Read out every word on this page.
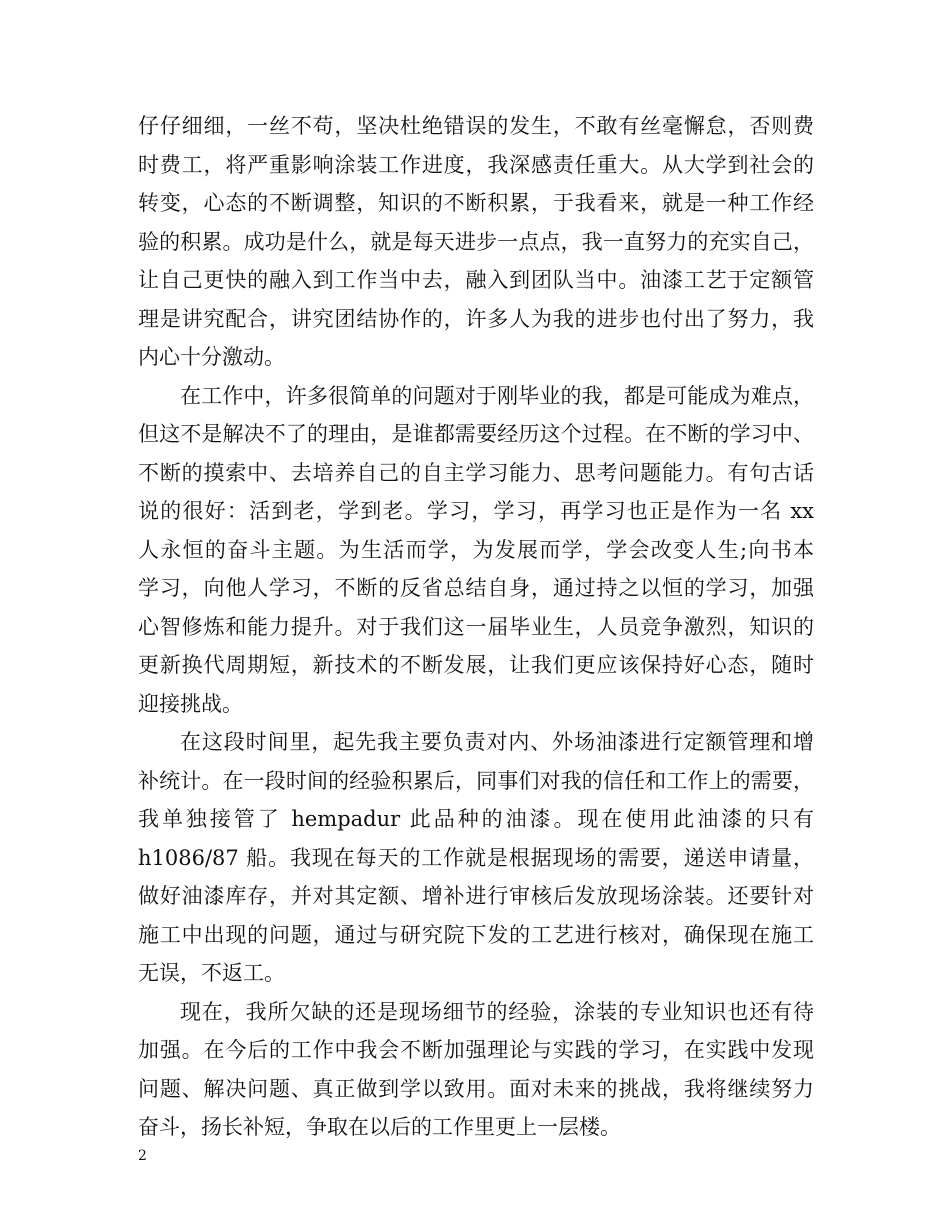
仔仔细细，一丝不苟，坚决杜绝错误的发生，不敢有丝毫懈怠，否则费
时费工，将严重影响涂装工作进度，我深感责任重大。从大学到社会的
转变，心态的不断调整，知识的不断积累，于我看来，就是一种工作经
验的积累。成功是什么，就是每天进步一点点，我一直努力的充实自己，
让自己更快的融入到工作当中去，融入到团队当中。油漆工艺于定额管
理是讲究配合，讲究团结协作的，许多人为我的进步也付出了努力，我
内心十分激动。
在工作中，许多很简单的问题对于刚毕业的我，都是可能成为难点，
但这不是解决不了的理由，是谁都需要经历这个过程。在不断的学习中、
不断的摸索中、去培养自己的自主学习能力、思考问题能力。有句古话
说的很好：活到老，学到老。学习，学习，再学习也正是作为一名 xx
人永恒的奋斗主题。为生活而学，为发展而学，学会改变人生;向书本
学习，向他人学习，不断的反省总结自身，通过持之以恒的学习，加强
心智修炼和能力提升。对于我们这一届毕业生，人员竞争激烈，知识的
更新换代周期短，新技术的不断发展，让我们更应该保持好心态，随时
迎接挑战。
在这段时间里，起先我主要负责对内、外场油漆进行定额管理和增
补统计。在一段时间的经验积累后，同事们对我的信任和工作上的需要，
我单独接管了 hempadur 此品种的油漆。现在使用此油漆的只有
h1086/87 船。我现在每天的工作就是根据现场的需要，递送申请量，
做好油漆库存，并对其定额、增补进行审核后发放现场涂装。还要针对
施工中出现的问题，通过与研究院下发的工艺进行核对，确保现在施工
无误，不返工。
现在，我所欠缺的还是现场细节的经验，涂装的专业知识也还有待
加强。在今后的工作中我会不断加强理论与实践的学习，在实践中发现
问题、解决问题、真正做到学以致用。面对未来的挑战，我将继续努力
奋斗，扬长补短，争取在以后的工作里更上一层楼。
2
